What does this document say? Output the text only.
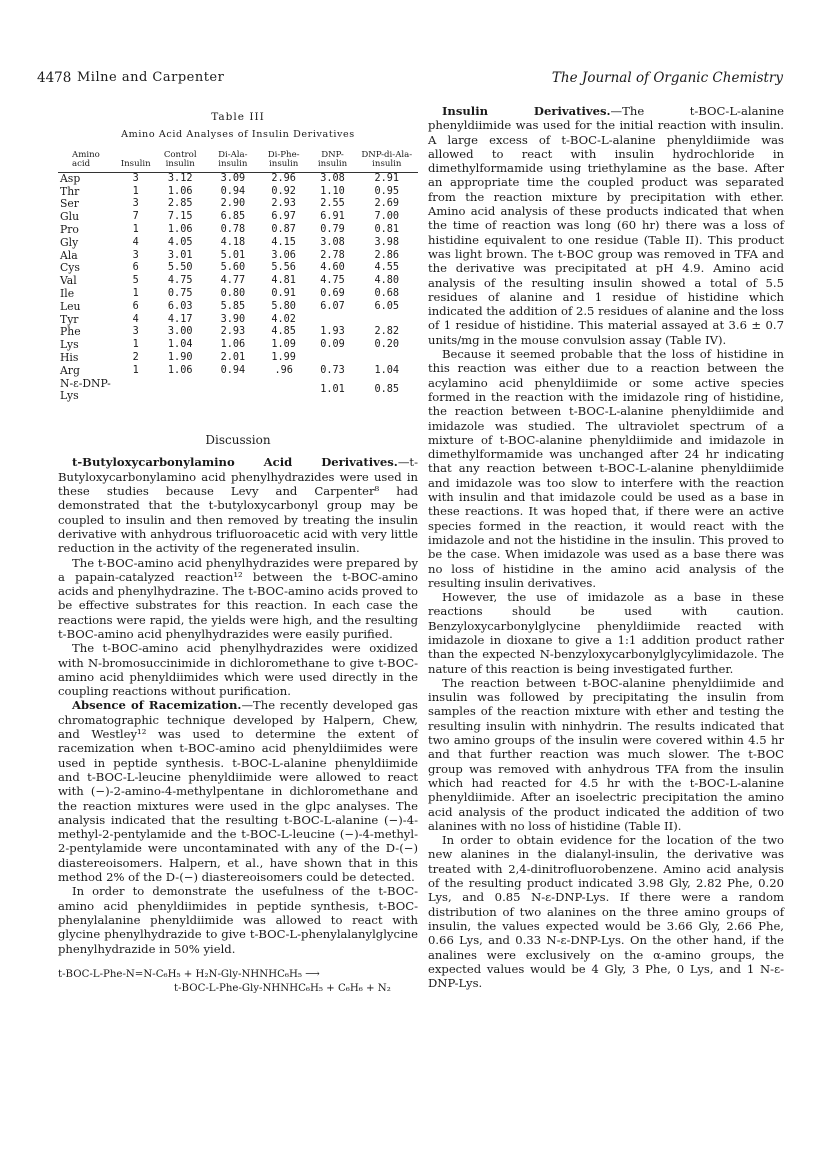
4478 Milne and Carpenter	The Journal of Organic Chemistry
Table III
Amino Acid Analyses of Insulin Derivatives
Amino acid	Insulin	Control insulin	Di-Ala-insulin	Di-Phe-insulin	DNP-insulin	DNP-di-Ala-insulin
Asp	3	3.12	3.09	2.96	3.08	2.91
Thr	1	1.06	0.94	0.92	1.10	0.95
Ser	3	2.85	2.90	2.93	2.55	2.69
Glu	7	7.15	6.85	6.97	6.91	7.00
Pro	1	1.06	0.78	0.87	0.79	0.81
Gly	4	4.05	4.18	4.15	3.08	3.98
Ala	3	3.01	5.01	3.06	2.78	2.86
Cys	6	5.50	5.60	5.56	4.60	4.55
Val	5	4.75	4.77	4.81	4.75	4.80
Ile	1	0.75	0.80	0.91	0.69	0.68
Leu	6	6.03	5.85	5.80	6.07	6.05
Tyr	4	4.17	3.90	4.02		
Phe	3	3.00	2.93	4.85	1.93	2.82
Lys	1	1.04	1.06	1.09	0.09	0.20
His	2	1.90	2.01	1.99		
Arg	1	1.06	0.94	.96	0.73	1.04
N-ε-DNP-Lys					1.01	0.85
Discussion

t-Butyloxycarbonylamino Acid Derivatives.—t-Butyloxycarbonylamino acid phenylhydrazides were used in these studies because Levy and Carpenter⁸ had demonstrated that the t-butyloxycarbonyl group may be coupled to insulin and then removed by treating the insulin derivative with anhydrous trifluoroacetic acid with very little reduction in the activity of the regenerated insulin.

The t-BOC-amino acid phenylhydrazides were prepared by a papain-catalyzed reaction¹² between the t-BOC-amino acids and phenylhydrazine. The t-BOC-amino acids proved to be effective substrates for this reaction. In each case the reactions were rapid, the yields were high, and the resulting t-BOC-amino acid phenylhydrazides were easily purified.

The t-BOC-amino acid phenylhydrazides were oxidized with N-bromosuccinimide in dichloromethane to give t-BOC-amino acid phenyldiimides which were used directly in the coupling reactions without purification.

Absence of Racemization.—The recently developed gas chromatographic technique developed by Halpern, Chew, and Westley¹² was used to determine the extent of racemization when t-BOC-amino acid phenyldiimides were used in peptide synthesis. t-BOC-L-alanine phenyldiimide and t-BOC-L-leucine phenyldiimide were allowed to react with (−)-2-amino-4-methylpentane in dichloromethane and the reaction mixtures were used in the glpc analyses. The analysis indicated that the resulting t-BOC-L-alanine (−)-4-methyl-2-pentylamide and the t-BOC-L-leucine (−)-4-methyl-2-pentylamide were uncontaminated with any of the D-(−) diastereoisomers. Halpern, et al., have shown that in this method 2% of the D-(−) diastereoisomers could be detected.

In order to demonstrate the usefulness of the t-BOC-amino acid phenyldiimides in peptide synthesis, t-BOC-phenylalanine phenyldiimide was allowed to react with glycine phenylhydrazide to give t-BOC-L-phenylalanylglycine phenylhydrazide in 50% yield.

t-BOC-L-Phe-N=N-C₆H₅ + H₂N-Gly-NHNHC₆H₅ ⟶
t-BOC-L-Phe-Gly-NHNHC₆H₅ + C₆H₆ + N₂

Insulin Derivatives.—The t-BOC-L-alanine phenyldiimide was used for the initial reaction with insulin. A large excess of t-BOC-L-alanine phenyldiimide was allowed to react with insulin hydrochloride in dimethylformamide using triethylamine as the base. After an appropriate time the coupled product was separated from the reaction mixture by precipitation with ether. Amino acid analysis of these products indicated that when the time of reaction was long (60 hr) there was a loss of histidine equivalent to one residue (Table II). This product was light brown. The t-BOC group was removed in TFA and the derivative was precipitated at pH 4.9. Amino acid analysis of the resulting insulin showed a total of 5.5 residues of alanine and 1 residue of histidine which indicated the addition of 2.5 residues of alanine and the loss of 1 residue of histidine. This material assayed at 3.6 ± 0.7 units/mg in the mouse convulsion assay (Table IV).

Because it seemed probable that the loss of histidine in this reaction was either due to a reaction between the acylamino acid phenyldiimide or some active species formed in the reaction with the imidazole ring of histidine, the reaction between t-BOC-L-alanine phenyldiimide and imidazole was studied. The ultraviolet spectrum of a mixture of t-BOC-alanine phenyldiimide and imidazole in dimethylformamide was unchanged after 24 hr indicating that any reaction between t-BOC-L-alanine phenyldiimide and imidazole was too slow to interfere with the reaction with insulin and that imidazole could be used as a base in these reactions. It was hoped that, if there were an active species formed in the reaction, it would react with the imidazole and not the histidine in the insulin. This proved to be the case. When imidazole was used as a base there was no loss of histidine in the amino acid analysis of the resulting insulin derivatives.

However, the use of imidazole as a base in these reactions should be used with caution. Benzyloxycarbonylglycine phenyldiimide reacted with imidazole in dioxane to give a 1:1 addition product rather than the expected N-benzyloxycarbonylglycylimidazole. The nature of this reaction is being investigated further.

The reaction between t-BOC-alanine phenyldiimide and insulin was followed by precipitating the insulin from samples of the reaction mixture with ether and testing the resulting insulin with ninhydrin. The results indicated that two amino groups of the insulin were covered within 4.5 hr and that further reaction was much slower. The t-BOC group was removed with anhydrous TFA from the insulin which had reacted for 4.5 hr with the t-BOC-L-alanine phenyldiimide. After an isoelectric precipitation the amino acid analysis of the product indicated the addition of two alanines with no loss of histidine (Table II).

In order to obtain evidence for the location of the two new alanines in the dialanyl-insulin, the derivative was treated with 2,4-dinitrofluorobenzene. Amino acid analysis of the resulting product indicated 3.98 Gly, 2.82 Phe, 0.20 Lys, and 0.85 N-ε-DNP-Lys. If there were a random distribution of two alanines on the three amino groups of insulin, the values expected would be 3.66 Gly, 2.66 Phe, 0.66 Lys, and 0.33 N-ε-DNP-Lys. On the other hand, if the analines were exclusively on the α-amino groups, the expected values would be 4 Gly, 3 Phe, 0 Lys, and 1 N-ε-DNP-Lys.
